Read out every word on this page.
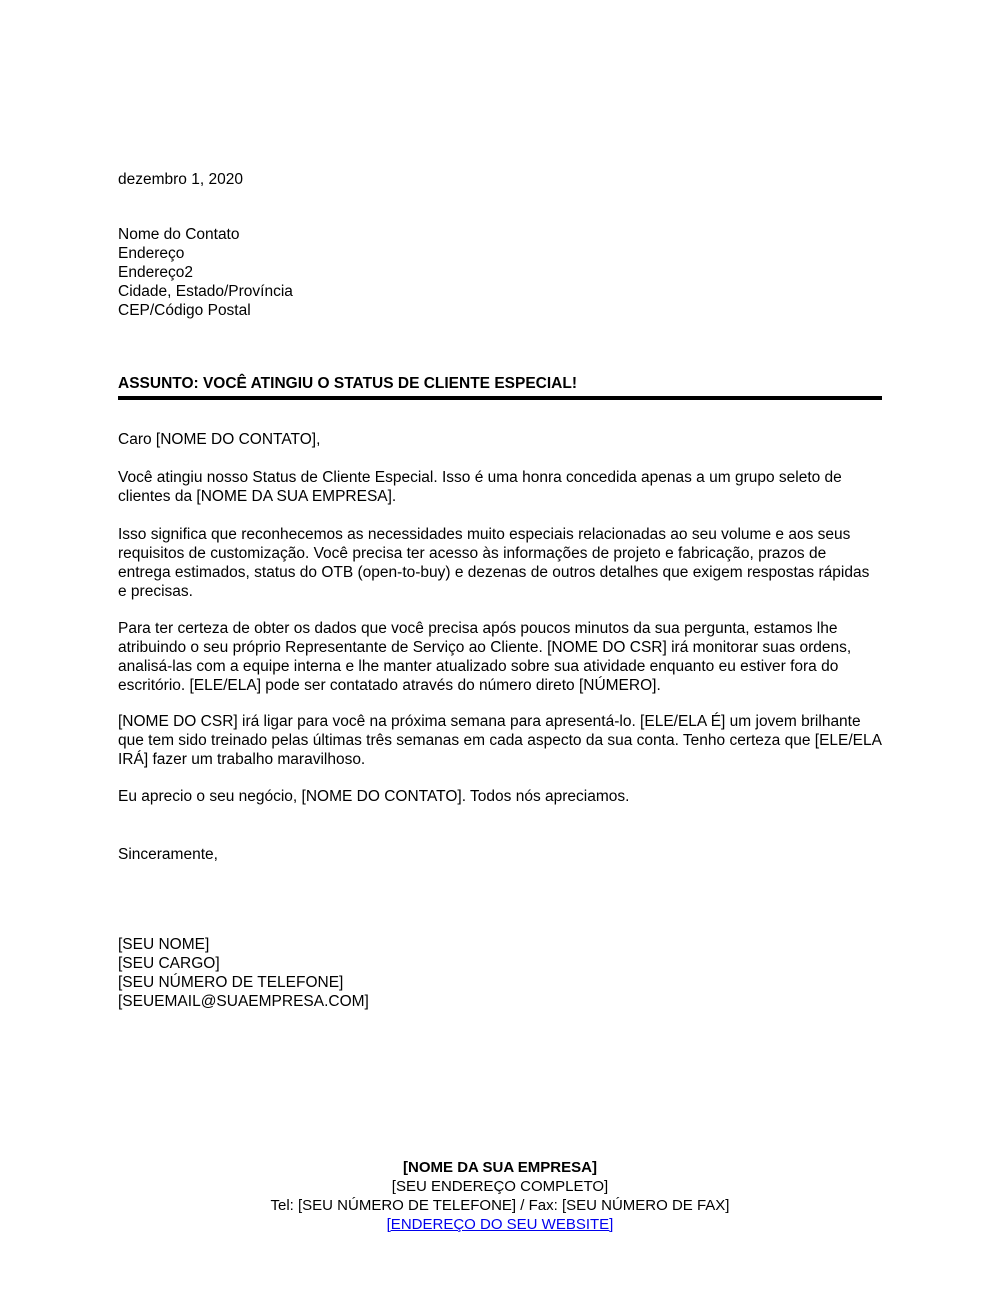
dezembro 1, 2020
Nome do Contato
Endereço
Endereço2
Cidade, Estado/Província
CEP/Código Postal
ASSUNTO: VOCÊ ATINGIU O STATUS DE CLIENTE ESPECIAL!
Caro [NOME DO CONTATO],

Você atingiu nosso Status de Cliente Especial. Isso é uma honra concedida apenas a um grupo seleto de clientes da [NOME DA SUA EMPRESA].

Isso significa que reconhecemos as necessidades muito especiais relacionadas ao seu volume e aos seus requisitos de customização. Você precisa ter acesso às informações de projeto e fabricação, prazos de entrega estimados, status do OTB (open-to-buy) e dezenas de outros detalhes que exigem respostas rápidas e precisas.

Para ter certeza de obter os dados que você precisa após poucos minutos da sua pergunta, estamos lhe atribuindo o seu próprio Representante de Serviço ao Cliente. [NOME DO CSR] irá monitorar suas ordens, analisá-las com a equipe interna e lhe manter atualizado sobre sua atividade enquanto eu estiver fora do escritório. [ELE/ELA] pode ser contatado através do número direto [NÚMERO].

[NOME DO CSR] irá ligar para você na próxima semana para apresentá-lo. [ELE/ELA É] um jovem brilhante que tem sido treinado pelas últimas três semanas em cada aspecto da sua conta. Tenho certeza que [ELE/ELA IRÁ] fazer um trabalho maravilhoso.

Eu aprecio o seu negócio, [NOME DO CONTATO]. Todos nós apreciamos.

Sinceramente,
[SEU NOME]
[SEU CARGO]
[SEU NÚMERO DE TELEFONE]
[SEUEMAIL@SUAEMPRESA.COM]
[NOME DA SUA EMPRESA]
[SEU ENDEREÇO COMPLETO]
Tel: [SEU NÚMERO DE TELEFONE] / Fax: [SEU NÚMERO DE FAX]
[ENDEREÇO DO SEU WEBSITE]
